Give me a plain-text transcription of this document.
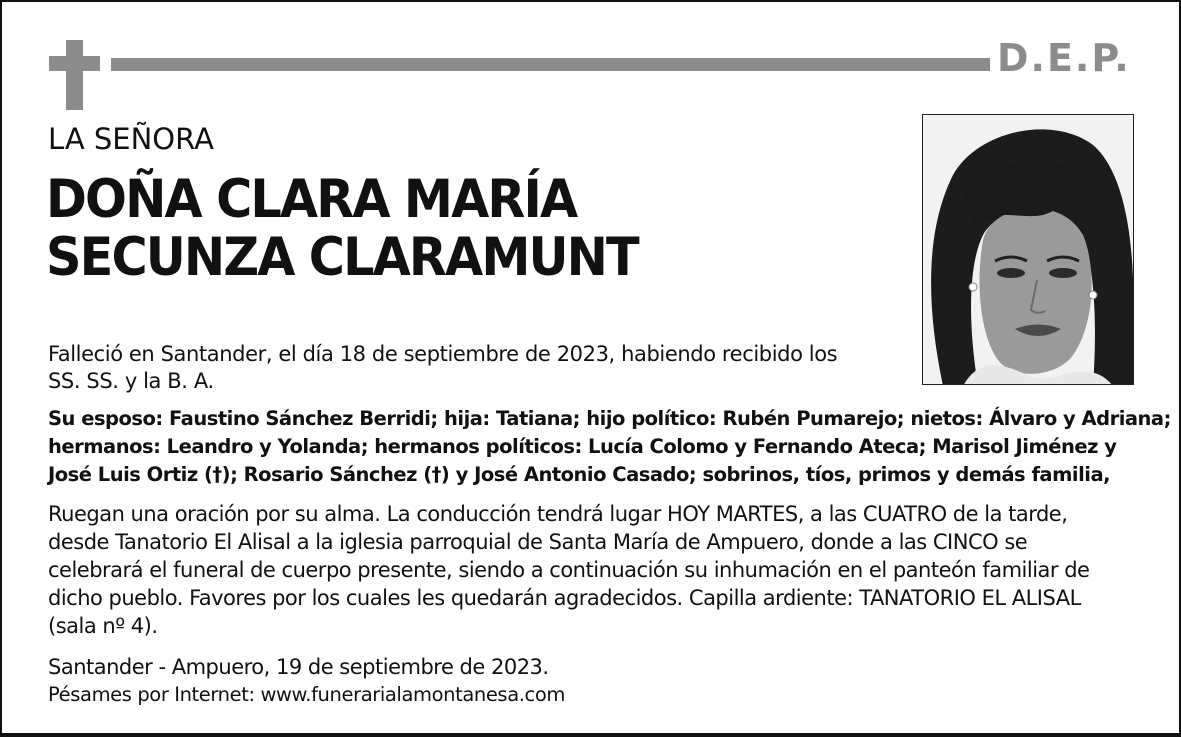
D.E.P.
LA SEÑORA
DOÑA CLARA MARÍA
SECUNZA CLARAMUNT
Falleció en Santander, el día 18 de septiembre de 2023, habiendo recibido los
SS. SS. y la B. A.
Su esposo: Faustino Sánchez Berridi; hija: Tatiana; hijo político: Rubén Pumarejo; nietos: Álvaro y Adriana;
hermanos: Leandro y Yolanda; hermanos políticos: Lucía Colomo y Fernando Ateca; Marisol Jiménez y
José Luis Ortiz (†); Rosario Sánchez (†) y José Antonio Casado; sobrinos, tíos, primos y demás familia,
Ruegan una oración por su alma. La conducción tendrá lugar HOY MARTES, a las CUATRO de la tarde,
desde Tanatorio El Alisal a la iglesia parroquial de Santa María de Ampuero, donde a las CINCO se
celebrará el funeral de cuerpo presente, siendo a continuación su inhumación en el panteón familiar de
dicho pueblo. Favores por los cuales les quedarán agradecidos. Capilla ardiente: TANATORIO EL ALISAL
(sala nº 4).
Santander - Ampuero, 19 de septiembre de 2023.
Pésames por Internet: www.funerarialamontanesa.com
